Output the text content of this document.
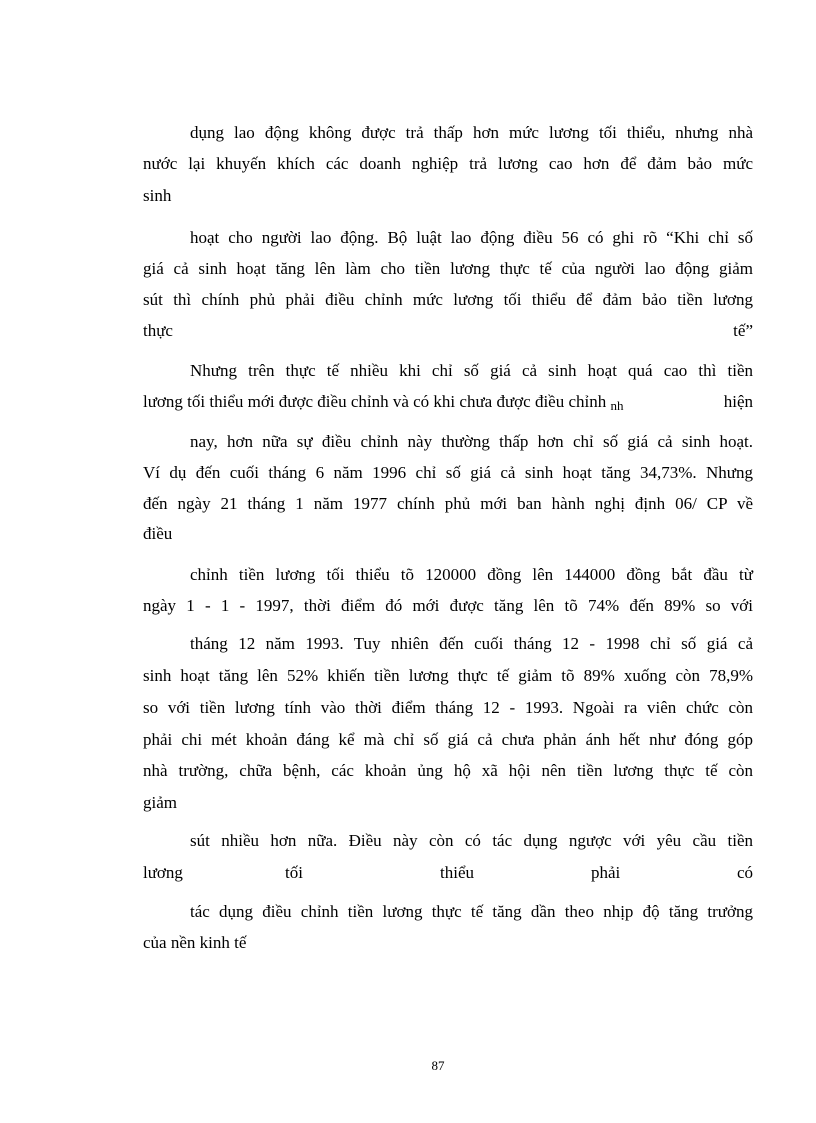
dụng lao động không được trả thấp hơn mức lương tối thiểu, nhưng nhà
nước lại khuyến khích các doanh nghiệp trả lương cao hơn để đảm bảo mức
sinh
hoạt cho người lao động. Bộ luật lao động điều 56 có ghi rõ “Khi chỉ số
giá cả sinh hoạt tăng lên làm cho tiền lương thực tế của người lao động giảm
sút thì chính phủ phải điều chỉnh mức lương tối thiểu để đảm bảo tiền lương
thực	tế”
Nhưng trên thực tế nhiều khi chỉ số giá cả sinh hoạt quá cao thì tiền
lương tối thiểu mới được điều chỉnh và có khi chưa được điều chỉnh nh	hiện
nay, hơn nữa sự điều chỉnh này thường thấp hơn chỉ số giá cả sinh hoạt.
Ví dụ đến cuối tháng 6 năm 1996 chỉ số giá cả sinh hoạt tăng 34,73%. Nhưng
đến ngày 21 tháng 1 năm 1977 chính phủ mới ban hành nghị định 06/ CP về
điều
chỉnh tiền lương tối thiểu tõ 120000 đồng lên 144000 đồng bắt đầu từ
ngày 1 - 1 - 1997, thời điểm đó mới được tăng lên tõ 74% đến 89% so với
tháng 12 năm 1993. Tuy nhiên đến cuối tháng 12 - 1998 chỉ số giá cả
sinh hoạt tăng lên 52% khiến tiền lương thực tế giảm tõ 89% xuống còn 78,9%
so với tiền lương tính vào thời điểm tháng 12 - 1993. Ngoài ra viên chức còn
phải chi mét khoản đáng kể mà chỉ số giá cả chưa phản ánh hết như đóng góp
nhà trường, chữa bệnh, các khoản ủng hộ xã hội nên tiền lương thực tế còn
giảm
sút nhiều hơn nữa. Điều này còn có tác dụng ngược với yêu cầu tiền
lương	tối	thiểu	phải	có
tác dụng điều chỉnh tiền lương thực tế tăng dần theo nhịp độ tăng trưởng
của nền kinh tế
87
